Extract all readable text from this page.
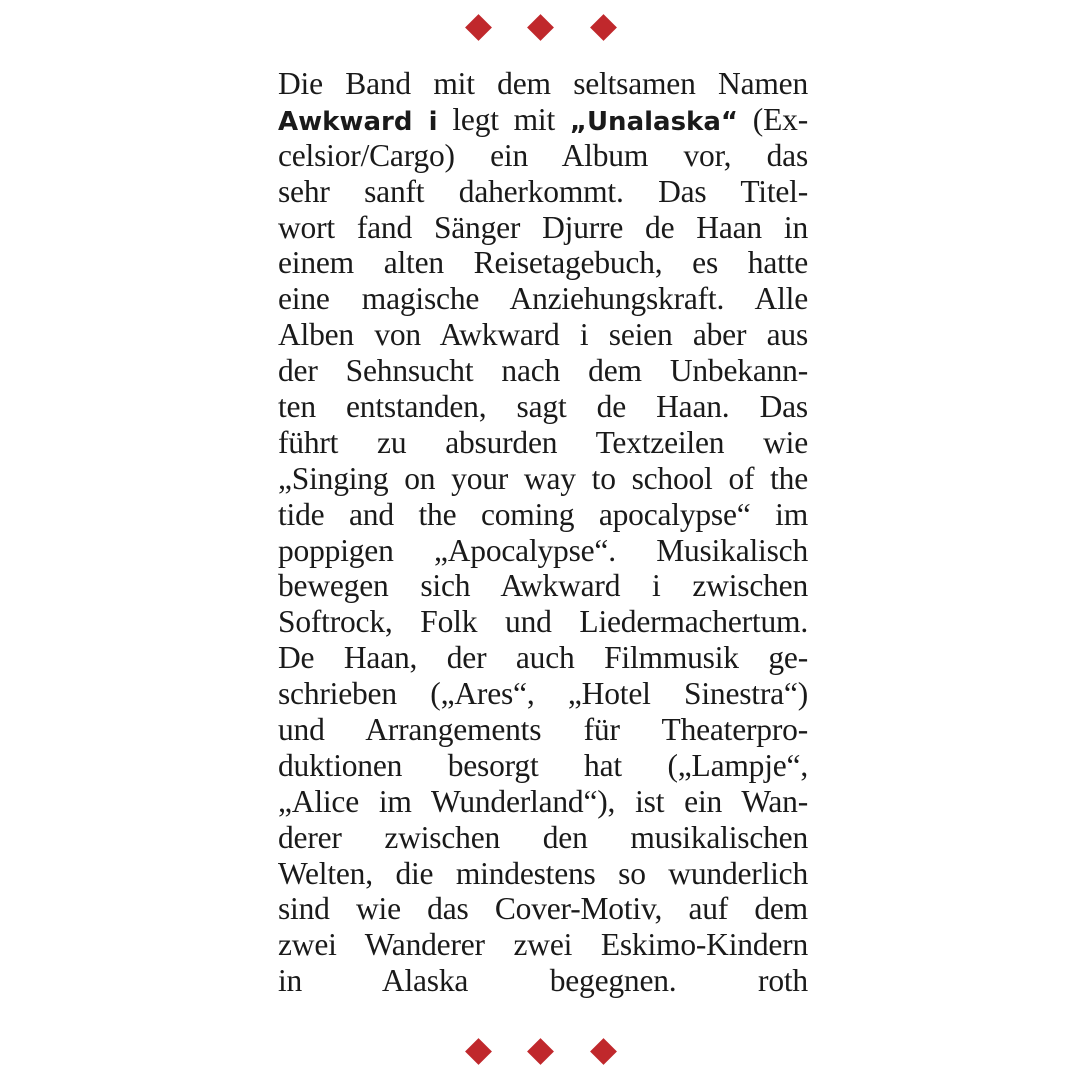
Die Band mit dem seltsamen Namen
Awkward i legt mit „Unalaska“ (Ex-
celsior/Cargo) ein Album vor, das
sehr sanft daherkommt. Das Titel-
wort fand Sänger Djurre de Haan in
einem alten Reisetagebuch, es hatte
eine magische Anziehungskraft. Alle
Alben von Awkward i seien aber aus
der Sehnsucht nach dem Unbekann-
ten entstanden, sagt de Haan. Das
führt zu absurden Textzeilen wie
„Singing on your way to school of the
tide and the coming apocalypse“ im
poppigen „Apocalypse“. Musikalisch
bewegen sich Awkward i zwischen
Softrock, Folk und Liedermachertum.
De Haan, der auch Filmmusik ge-
schrieben („Ares“, „Hotel Sinestra“)
und Arrangements für Theaterpro-
duktionen besorgt hat („Lampje“,
„Alice im Wunderland“), ist ein Wan-
derer zwischen den musikalischen
Welten, die mindestens so wunderlich
sind wie das Cover-Motiv, auf dem
zwei Wanderer zwei Eskimo-Kindern
in Alaska begegnen.	roth
